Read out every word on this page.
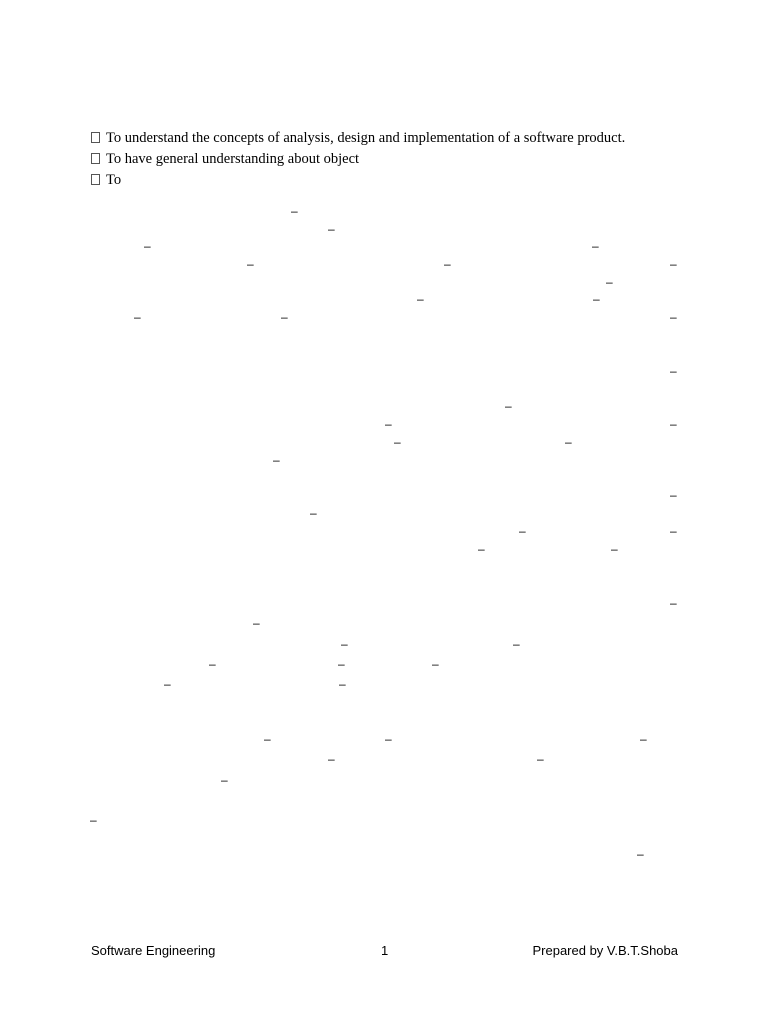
To understand the concepts of analysis, design and implementation of a software product.
To have general understanding about object
To
–
–
–	–
–	–	–
–
–	–
–	–	–
–
–
–	–
–	–
–
–
–
–	–
–	–
–
–
–	–
–	–	–
–	–
–	–	–
–	–
–
–
–
Software Engineering	1	Prepared by V.B.T.Shoba
